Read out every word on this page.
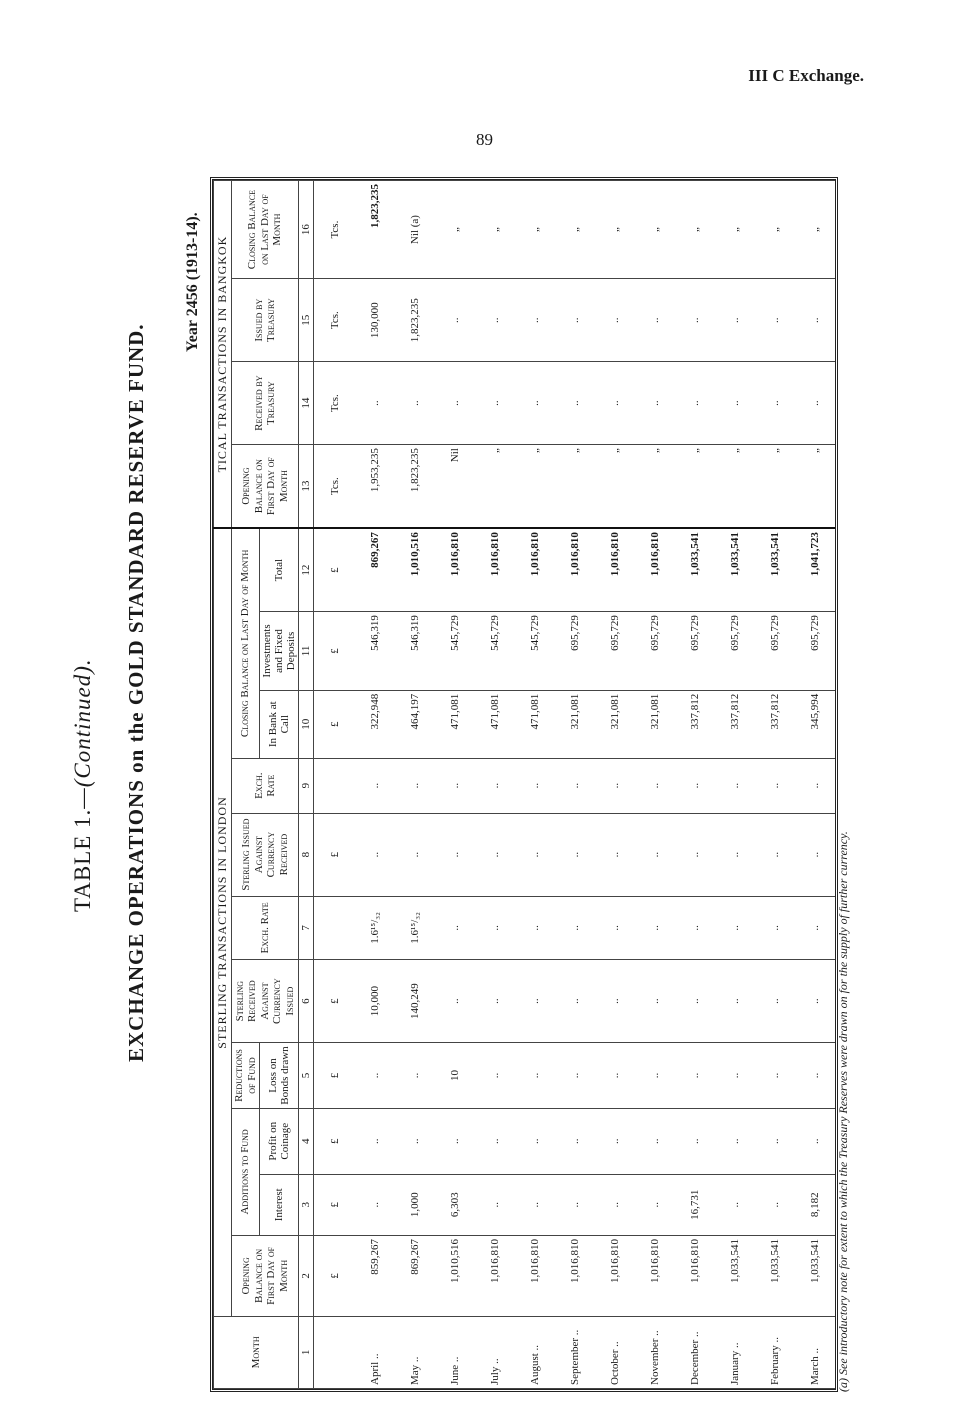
III C Exchange.
89
TABLE 1.—(Continued). EXCHANGE OPERATIONS on the GOLD STANDARD RESERVE FUND.
Year 2456 (1913-14).
Month	STERLING TRANSACTIONS IN LONDON											TICAL TRANSACTIONS IN BANGKOK			
	Opening Balance on First Day of Month	Additions to Fund		Reductions of Fund	Sterling Received Against Currency Issued	Exch. Rate	Sterling Issued Against Currency Received	Exch. Rate	Closing Balance on Last Day of Month			Opening Balance on First Day of Month	Received by Treasury	Issued by Treasury	Closing Balance on Last Day of Month
		Interest	Profit on Coinage	Loss on Bonds drawn					In Bank at Call	Investments and Fixed Deposits	Total				
1	2	3	4	5	6	7	8	9	10	11	12	13	14	15	16
	£	£	£	£	£		£		£	£	£	Tcs.	Tcs.	Tcs.	Tcs.
April ..	859,267	..	..	..	10,000	1.6¹⁵/₃₂	..	..	322,948	546,319	869,267	1,953,235	..	130,000	1,823,235
May ..	869,267	1,000	..	..	140,249	1.6¹⁵/₃₂	..	..	464,197	546,319	1,010,516	1,823,235	..	1,823,235	Nil (a)
June ..	1,010,516	6,303	..	10	..	..	..	..	471,081	545,729	1,016,810	Nil	..	..	„
July ..	1,016,810	..	..	..	..	..	..	..	471,081	545,729	1,016,810	„	..	..	„
August ..	1,016,810	..	..	..	..	..	..	..	471,081	545,729	1,016,810	„	..	..	„
September ..	1,016,810	..	..	..	..	..	..	..	321,081	695,729	1,016,810	„	..	..	„
October ..	1,016,810	..	..	..	..	..	..	..	321,081	695,729	1,016,810	„	..	..	„
November ..	1,016,810	..	..	..	..	..	..	..	321,081	695,729	1,016,810	„	..	..	„
December ..	1,016,810	16,731	..	..	..	..	..	..	337,812	695,729	1,033,541	„	..	..	„
January ..	1,033,541	..	..	..	..	..	..	..	337,812	695,729	1,033,541	„	..	..	„
February ..	1,033,541	..	..	..	..	..	..	..	337,812	695,729	1,033,541	„	..	..	„
March ..	1,033,541	8,182	..	..	..	..	..	..	345,994	695,729	1,041,723	„	..	..	„
(a) See introductory note for extent to which the Treasury Reserves were drawn on for the supply of further currency.
